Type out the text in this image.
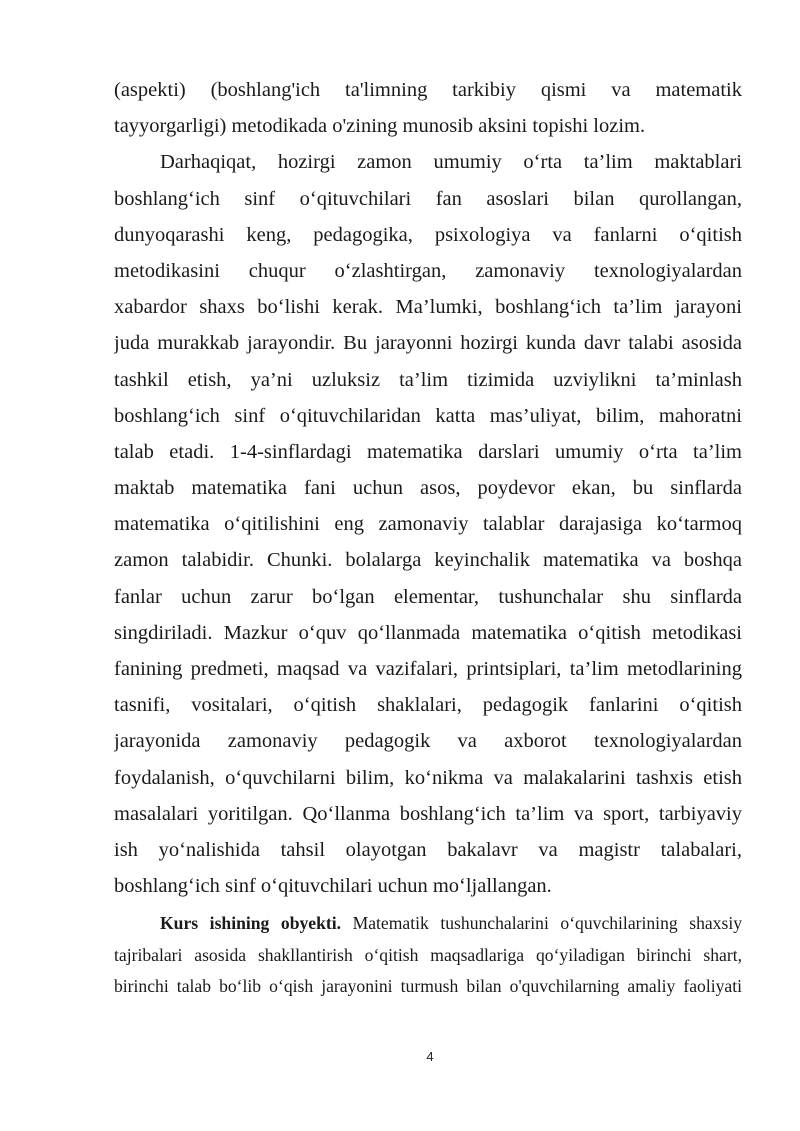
(aspekti) (boshlang'ich ta'limning tarkibiy qismi va matematik
tayyorgarligi) metodikada o'zining munosib aksini topishi lozim.
Darhaqiqat, hozirgi zamon umumiy o‘rta ta’lim maktablari
boshlang‘ich sinf o‘qituvchilari fan asoslari bilan qurollangan,
dunyoqarashi keng, pedagogika, psixologiya va fanlarni o‘qitish
metodikasini chuqur o‘zlashtirgan, zamonaviy texnologiyalardan
xabardor shaxs bo‘lishi kerak. Ma’lumki, boshlang‘ich ta’lim jarayoni
juda murakkab jarayondir. Bu jarayonni hozirgi kunda davr talabi asosida
tashkil etish, ya’ni uzluksiz ta’lim tizimida uzviylikni ta’minlash
boshlang‘ich sinf o‘qituvchilaridan katta mas’uliyat, bilim, mahoratni
talab etadi. 1-4-sinflardagi matematika darslari umumiy o‘rta ta’lim
maktab matematika fani uchun asos, poydevor ekan, bu sinflarda
matematika o‘qitilishini eng zamonaviy talablar darajasiga ko‘tarmoq
zamon talabidir. Chunki. bolalarga keyinchalik matematika va boshqa
fanlar uchun zarur bo‘lgan elementar, tushunchalar shu sinflarda
singdiriladi. Mazkur o‘quv qo‘llanmada matematika o‘qitish metodikasi
fanining predmeti, maqsad va vazifalari, printsiplari, ta’lim metodlarining
tasnifi, vositalari, o‘qitish shaklalari, pedagogik fanlarini o‘qitish
jarayonida zamonaviy pedagogik va axborot texnologiyalardan
foydalanish, o‘quvchilarni bilim, ko‘nikma va malakalarini tashxis etish
masalalari yoritilgan. Qo‘llanma boshlang‘ich ta’lim va sport, tarbiyaviy
ish yo‘nalishida tahsil olayotgan bakalavr va magistr talabalari,
boshlang‘ich sinf o‘qituvchilari uchun mo‘ljallangan.
Kurs ishining obyekti. Matematik tushunchalarini o‘quvchilarining shaxsiy
tajribalari asosida shakllantirish o‘qitish maqsadlariga qo‘yiladigan birinchi shart,
birinchi talab bo‘lib o‘qish jarayonini turmush bilan o'quvchilarning amaliy faoliyati
4
